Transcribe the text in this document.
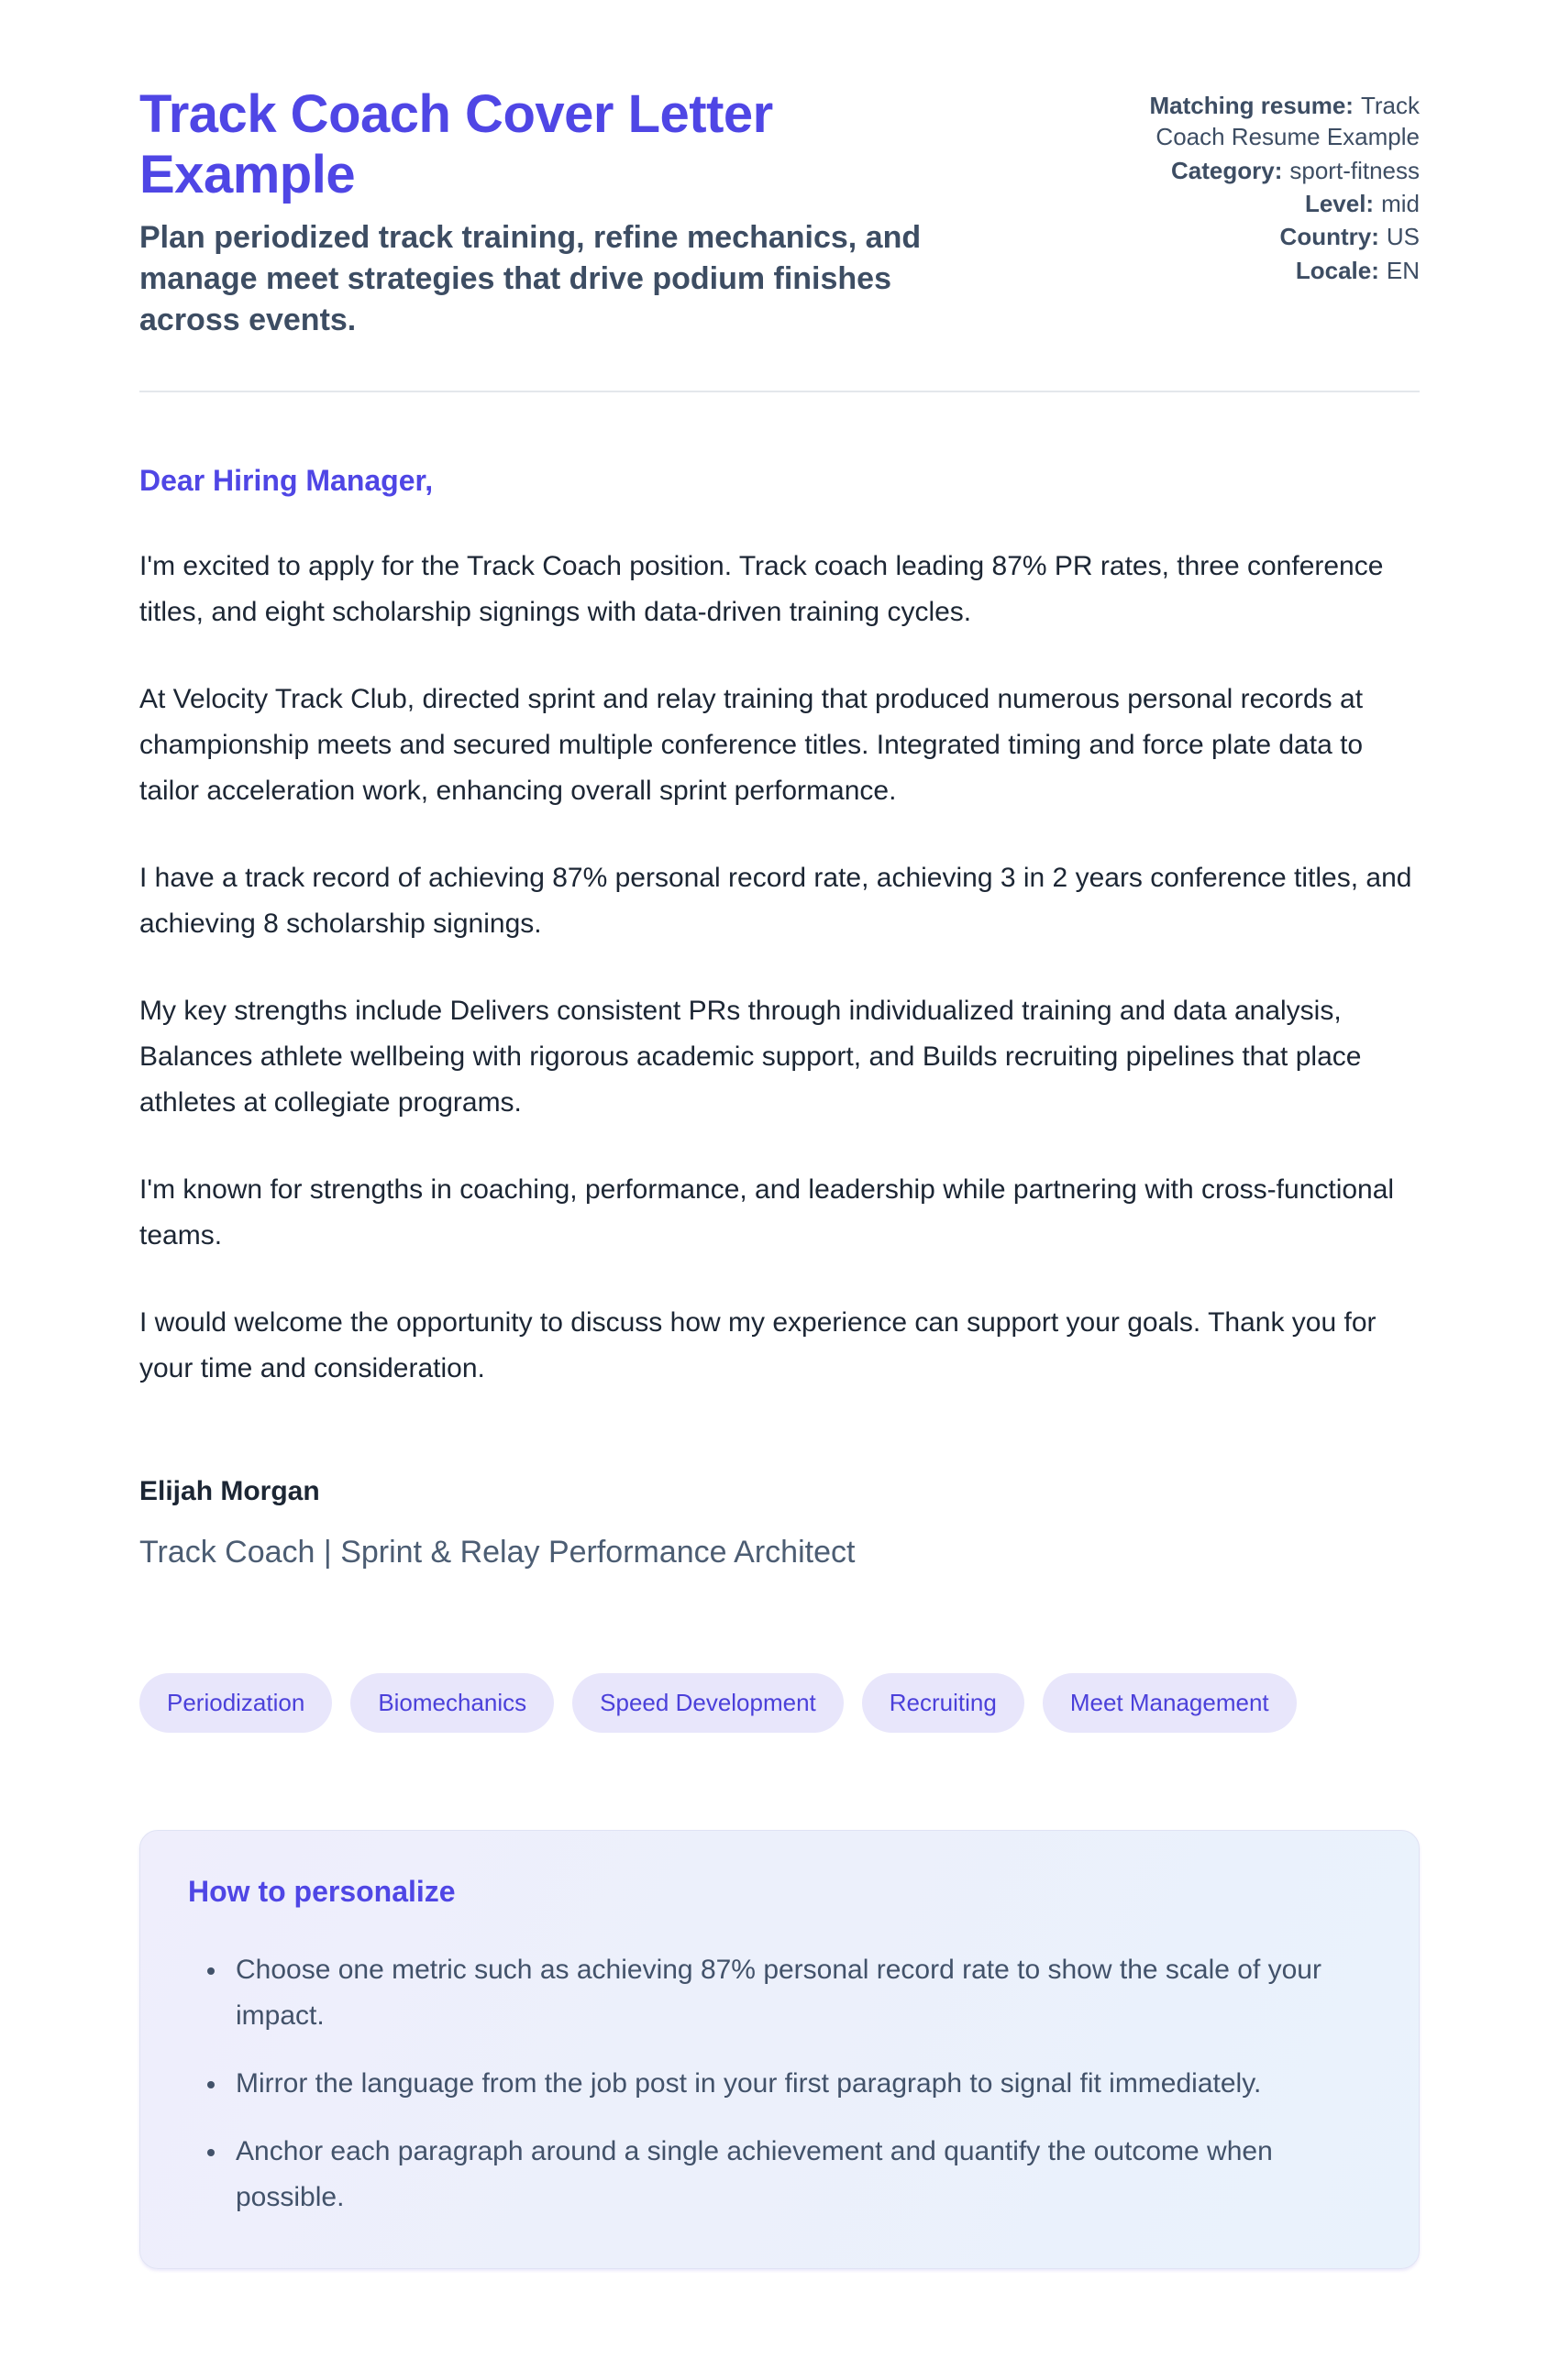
Track Coach Cover Letter Example

Plan periodized track training, refine mechanics, and manage meet strategies that drive podium finishes across events.

Matching resume: Track Coach Resume Example
Category: sport-fitness
Level: mid
Country: US
Locale: EN

Dear Hiring Manager,

I'm excited to apply for the Track Coach position. Track coach leading 87% PR rates, three conference titles, and eight scholarship signings with data-driven training cycles.

At Velocity Track Club, directed sprint and relay training that produced numerous personal records at championship meets and secured multiple conference titles. Integrated timing and force plate data to tailor acceleration work, enhancing overall sprint performance.

I have a track record of achieving 87% personal record rate, achieving 3 in 2 years conference titles, and achieving 8 scholarship signings.

My key strengths include Delivers consistent PRs through individualized training and data analysis, Balances athlete wellbeing with rigorous academic support, and Builds recruiting pipelines that place athletes at collegiate programs.

I'm known for strengths in coaching, performance, and leadership while partnering with cross-functional teams.

I would welcome the opportunity to discuss how my experience can support your goals. Thank you for your time and consideration.

Elijah Morgan

Track Coach | Sprint & Relay Performance Architect

Periodization	Biomechanics	Speed Development	Recruiting	Meet Management
How to personalize
• Choose one metric such as achieving 87% personal record rate to show the scale of your impact.
• Mirror the language from the job post in your first paragraph to signal fit immediately.
• Anchor each paragraph around a single achievement and quantify the outcome when possible.
